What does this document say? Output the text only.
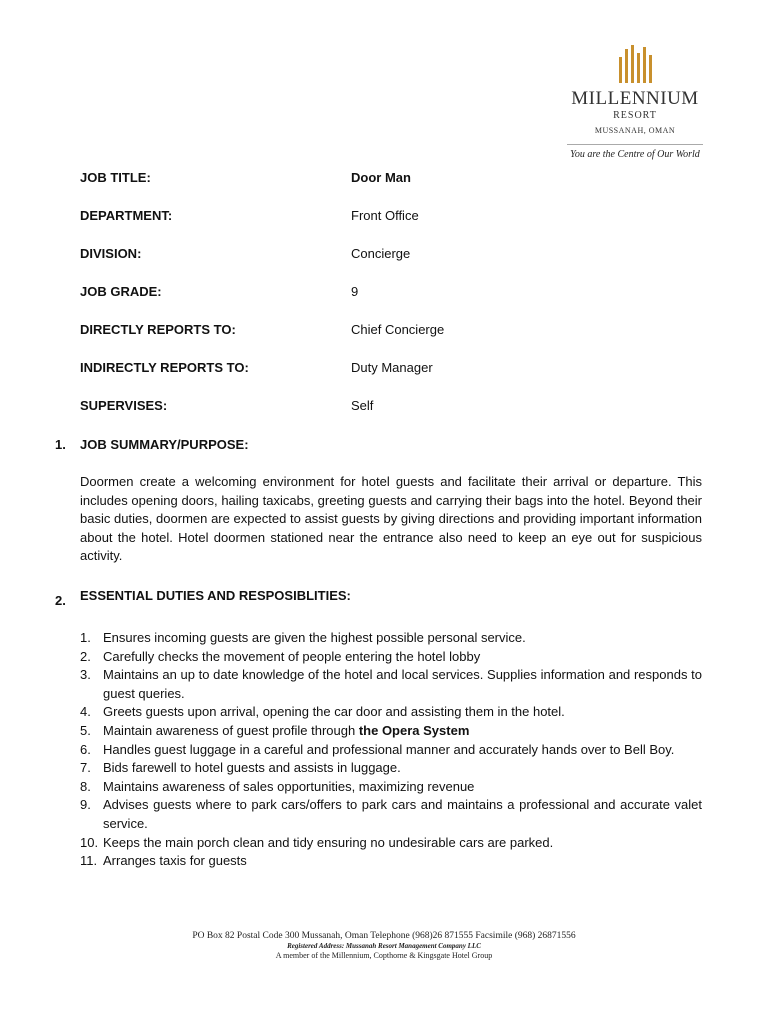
MILLENNIUM
RESORT
MUSSANAH, OMAN
You are the Centre of Our World
JOB TITLE:	Door Man
DEPARTMENT:	Front Office
DIVISION:	Concierge
JOB GRADE:	9
DIRECTLY REPORTS TO:	Chief Concierge
INDIRECTLY REPORTS TO:	Duty Manager
SUPERVISES:	Self
1. JOB SUMMARY/PURPOSE:

Doormen create a welcoming environment for hotel guests and facilitate their arrival or departure. This includes opening doors, hailing taxicabs, greeting guests and carrying their bags into the hotel. Beyond their basic duties, doormen are expected to assist guests by giving directions and providing important information about the hotel. Hotel doormen stationed near the entrance also need to keep an eye out for suspicious activity.

2. ESSENTIAL DUTIES AND RESPOSIBLITIES:
1. Ensures incoming guests are given the highest possible personal service.
2. Carefully checks the movement of people entering the hotel lobby
3. Maintains an up to date knowledge of the hotel and local services. Supplies information and responds to guest queries.
4. Greets guests upon arrival, opening the car door and assisting them in the hotel.
5. Maintain awareness of guest profile through the Opera System
6. Handles guest luggage in a careful and professional manner and accurately hands over to Bell Boy.
7. Bids farewell to hotel guests and assists in luggage.
8. Maintains awareness of sales opportunities, maximizing revenue
9. Advises guests where to park cars/offers to park cars and maintains a professional and accurate valet service.
10. Keeps the main porch clean and tidy ensuring no undesirable cars are parked.
11. Arranges taxis for guests
PO Box 82 Postal Code 300 Mussanah, Oman Telephone (968)26 871555 Facsimile (968) 26871556
Registered Address: Mussanah Resort Management Company LLC
A member of the Millennium, Copthorne & Kingsgate Hotel Group
